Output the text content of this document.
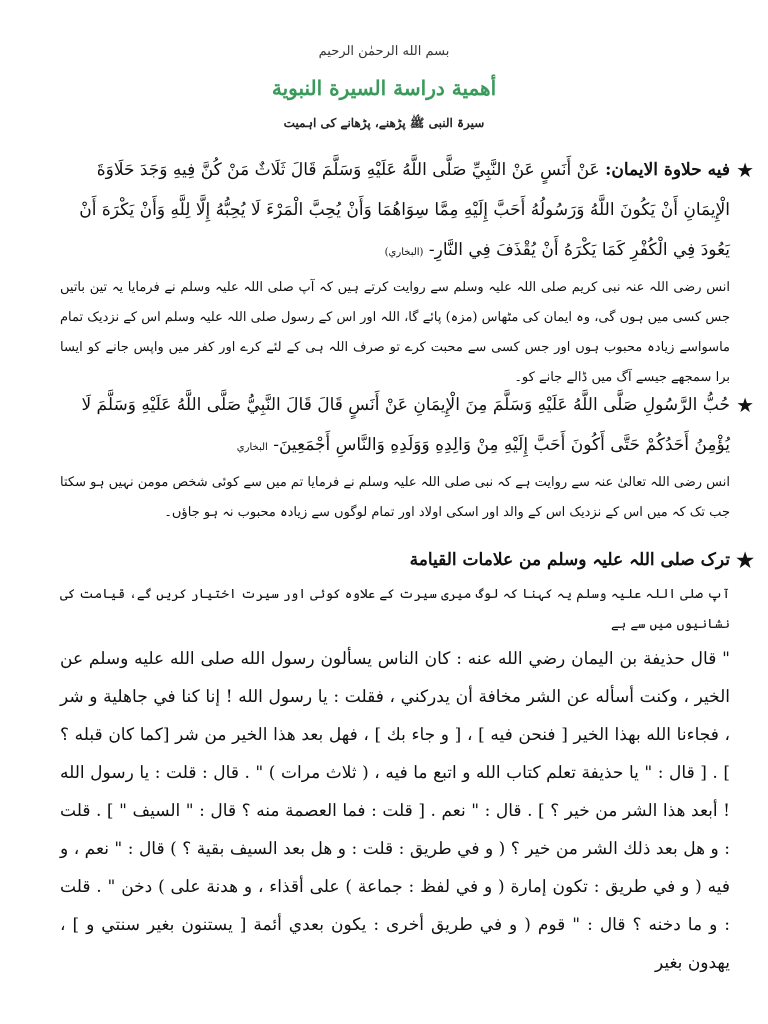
بسم الله الرحمٰن الرحيم
أهمية دراسة السيرة النبوية
سیرۃ النبی ﷺ پڑھنے، پڑھانے کی اہمیت
★
فيه حلاوة الايمان: عَنْ أَنَسٍ عَنْ النَّبِيِّ صَلَّى اللَّهُ عَلَيْهِ وَسَلَّمَ قَالَ ثَلَاثٌ مَنْ كُنَّ فِيهِ وَجَدَ حَلَاوَةَ الْإِيمَانِ أَنْ يَكُونَ اللَّهُ وَرَسُولُهُ أَحَبَّ إِلَيْهِ مِمَّا سِوَاهُمَا وَأَنْ يُحِبَّ الْمَرْءَ لَا يُحِبُّهُ إِلَّا لِلَّهِ وَأَنْ يَكْرَهَ أَنْ يَعُودَ فِي الْكُفْرِ كَمَا يَكْرَهُ أَنْ يُقْذَفَ فِي النَّارِ- (البخاري)
انس رضی اللہ عنہ نبی کریم صلی اللہ علیہ وسلم سے روایت کرتے ہیں کہ آپ صلی اللہ علیہ وسلم نے فرمایا یہ تین باتیں جس کسی میں ہوں گی، وہ ایمان کی مٹھاس (مزہ) پائے گا، اللہ اور اس کے رسول صلی اللہ علیہ وسلم اس کے نزدیک تمام ماسواسے زیادہ محبوب ہوں اور جس کسی سے محبت کرے تو صرف اللہ ہی کے لئے کرے اور کفر میں واپس جانے کو ایسا برا سمجھے جیسے آگ میں ڈالے جانے کو۔
★
حُبُّ الرَّسُولِ صَلَّى اللَّهُ عَلَيْهِ وَسَلَّمَ مِنَ الْإِيمَانِ عَنْ أَنَسٍ قَالَ قَالَ النَّبِيُّ صَلَّى اللَّهُ عَلَيْهِ وَسَلَّمَ لَا يُؤْمِنُ أَحَدُكُمْ حَتَّى أَكُونَ أَحَبَّ إِلَيْهِ مِنْ وَالِدِهِ وَوَلَدِهِ وَالنَّاسِ أَجْمَعِينَ- البخاري
انس رضی اللہ تعالیٰ عنہ سے روایت ہے کہ نبی صلی اللہ علیہ وسلم نے فرمایا تم میں سے کوئی شخص مومن نہیں ہو سکتا جب تک کہ میں اس کے نزدیک اس کے والد اور اسکی اولاد اور تمام لوگوں سے زیادہ محبوب نہ ہو جاؤں۔
★
ترک صلی اللہ علیہ وسلم من علامات القيامة
آپ صلی اللہ علیہ وسلم یہ کہنا کہ لوگ میری سیرت کے علاوہ کوئی اور سیرت اختیار کریں گے، قیامت کی نشانیوں میں سے ہے
" قال حذيفة بن اليمان رضي الله عنه : كان الناس يسألون رسول الله صلى الله عليه وسلم عن الخير ، وكنت أسأله عن الشر مخافة أن يدركني ، فقلت : يا رسول الله ! إنا كنا في جاهلية و شر ، فجاءنا الله بهذا الخير [ فنحن فيه ] ، [ و جاء بك ] ، فهل بعد هذا الخير من شر [كما كان قبله ؟ ] . [ قال : " يا حذيفة تعلم كتاب الله و اتبع ما فيه ، ( ثلاث مرات ) " . قال : قلت : يا رسول الله ! أبعد هذا الشر من خير ؟ ] . قال : " نعم . [ قلت : فما العصمة منه ؟ قال : " السيف " ] . قلت : و هل بعد ذلك الشر من خير ؟ ( و في طريق : قلت : و هل بعد السيف بقية ؟ ) قال : " نعم ، و فيه ( و في طريق : تكون إمارة ( و في لفظ : جماعة ) على أقذاء ، و هدنة على ) دخن " . قلت : و ما دخنه ؟ قال : " قوم ( و في طريق أخرى : يكون بعدي أئمة [ يستنون بغير سنتي و ] ، يهدون بغير
